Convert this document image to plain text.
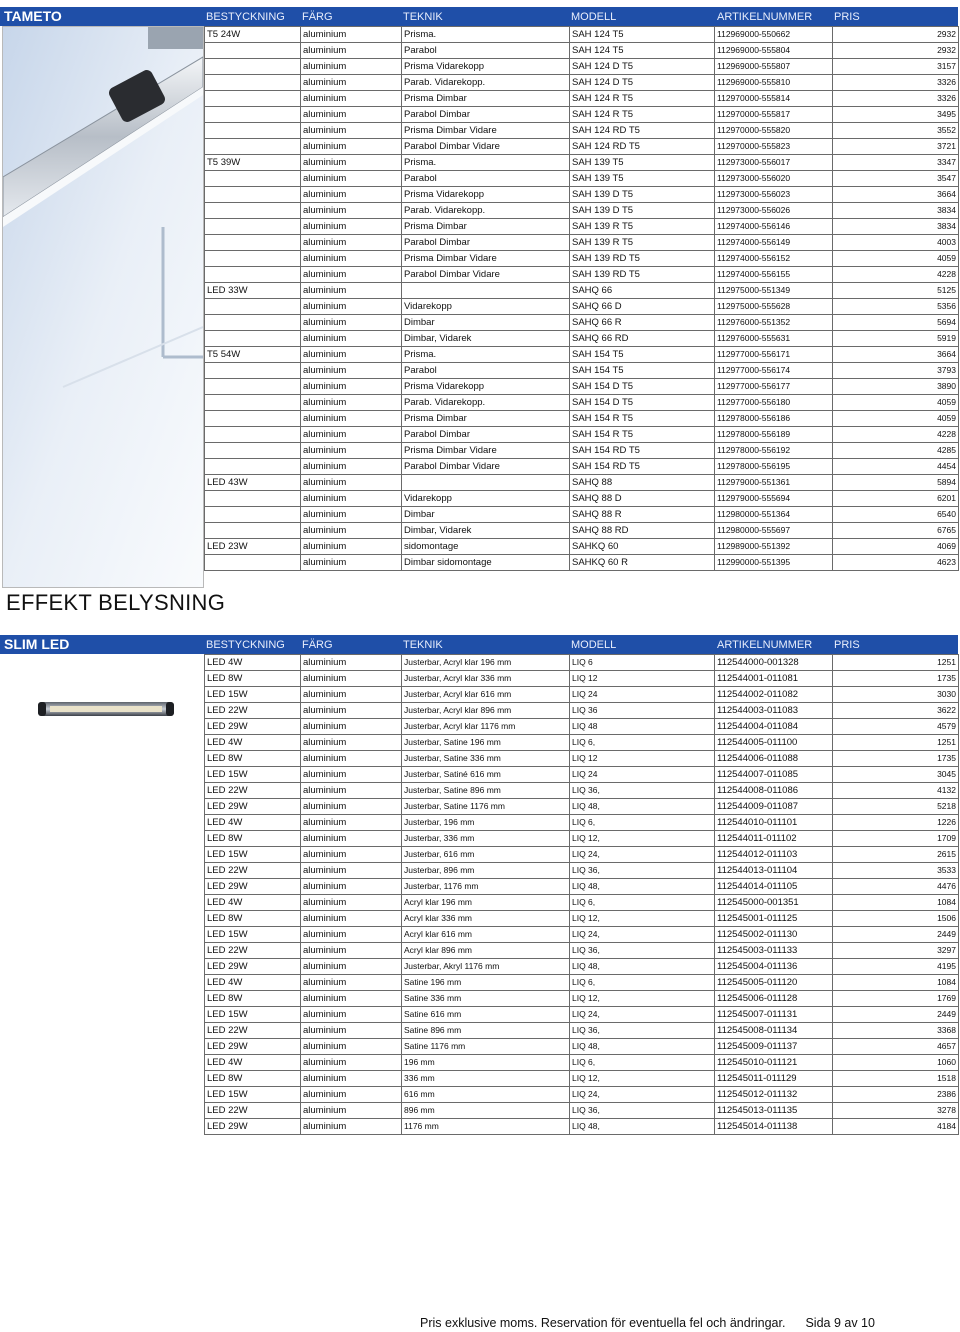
TAMETO	BESTYCKNING FÄRG	TEKNIK	MODELL	ARTIKELNUMMER PRIS
T5 24W	aluminium	Prisma.	SAH 124 T5	112969000-550662	2932
	aluminium	Parabol	SAH 124 T5	112969000-555804	2932
	aluminium	Prisma Vidarekopp	SAH 124 D T5	112969000-555807	3157
	aluminium	Parab. Vidarekopp.	SAH 124 D T5	112969000-555810	3326
	aluminium	Prisma Dimbar	SAH 124 R T5	112970000-555814	3326
	aluminium	Parabol Dimbar	SAH 124 R T5	112970000-555817	3495
	aluminium	Prisma Dimbar Vidare	SAH 124 RD T5	112970000-555820	3552
	aluminium	Parabol Dimbar Vidare	SAH 124 RD T5	112970000-555823	3721
T5 39W	aluminium	Prisma.	SAH 139 T5	112973000-556017	3347
	aluminium	Parabol	SAH 139 T5	112973000-556020	3547
	aluminium	Prisma Vidarekopp	SAH 139 D T5	112973000-556023	3664
	aluminium	Parab. Vidarekopp.	SAH 139 D T5	112973000-556026	3834
	aluminium	Prisma Dimbar	SAH 139 R T5	112974000-556146	3834
	aluminium	Parabol Dimbar	SAH 139 R T5	112974000-556149	4003
	aluminium	Prisma Dimbar Vidare	SAH 139 RD T5	112974000-556152	4059
	aluminium	Parabol Dimbar Vidare	SAH 139 RD T5	112974000-556155	4228
LED 33W	aluminium		SAHQ 66	112975000-551349	5125
	aluminium	Vidarekopp	SAHQ 66 D	112975000-555628	5356
	aluminium	Dimbar	SAHQ 66 R	112976000-551352	5694
	aluminium	Dimbar, Vidarek	SAHQ 66 RD	112976000-555631	5919
T5 54W	aluminium	Prisma.	SAH 154 T5	112977000-556171	3664
	aluminium	Parabol	SAH 154 T5	112977000-556174	3793
	aluminium	Prisma Vidarekopp	SAH 154 D T5	112977000-556177	3890
	aluminium	Parab. Vidarekopp.	SAH 154 D T5	112977000-556180	4059
	aluminium	Prisma Dimbar	SAH 154 R T5	112978000-556186	4059
	aluminium	Parabol Dimbar	SAH 154 R T5	112978000-556189	4228
	aluminium	Prisma Dimbar Vidare	SAH 154 RD T5	112978000-556192	4285
	aluminium	Parabol Dimbar Vidare	SAH 154 RD T5	112978000-556195	4454
LED 43W	aluminium		SAHQ 88	112979000-551361	5894
	aluminium	Vidarekopp	SAHQ 88 D	112979000-555694	6201
	aluminium	Dimbar	SAHQ 88 R	112980000-551364	6540
	aluminium	Dimbar, Vidarek	SAHQ 88 RD	112980000-555697	6765
LED 23W	aluminium	sidomontage	SAHKQ 60	112989000-551392	4069
	aluminium	Dimbar sidomontage	SAHKQ 60 R	112990000-551395	4623
EFFEKT BELYSNING
SLIM LED	BESTYCKNING FÄRG	TEKNIK	MODELL	ARTIKELNUMMER PRIS
LED 4W	aluminium	Justerbar, Acryl klar 196 mm	LIQ 6	112544000-001328	1251
LED 8W	aluminium	Justerbar, Acryl klar 336 mm	LIQ 12	112544001-011081	1735
LED 15W	aluminium	Justerbar, Acryl klar 616 mm	LIQ 24	112544002-011082	3030
LED 22W	aluminium	Justerbar, Acryl klar 896 mm	LIQ 36	112544003-011083	3622
LED 29W	aluminium	Justerbar, Acryl klar 1176 mm	LIQ 48	112544004-011084	4579
LED 4W	aluminium	Justerbar, Satine 196 mm	LIQ 6,	112544005-011100	1251
LED 8W	aluminium	Justerbar, Satine 336 mm	LIQ 12	112544006-011088	1735
LED 15W	aluminium	Justerbar, Satiné 616 mm	LIQ 24	112544007-011085	3045
LED 22W	aluminium	Justerbar, Satine 896 mm	LIQ 36,	112544008-011086	4132
LED 29W	aluminium	Justerbar, Satine 1176 mm	LIQ 48,	112544009-011087	5218
LED 4W	aluminium	Justerbar, 196 mm	LIQ 6,	112544010-011101	1226
LED 8W	aluminium	Justerbar, 336 mm	LIQ 12,	112544011-011102	1709
LED 15W	aluminium	Justerbar, 616 mm	LIQ 24,	112544012-011103	2615
LED 22W	aluminium	Justerbar, 896 mm	LIQ 36,	112544013-011104	3533
LED 29W	aluminium	Justerbar, 1176 mm	LIQ 48,	112544014-011105	4476
LED 4W	aluminium	Acryl klar 196 mm	LIQ 6,	112545000-001351	1084
LED 8W	aluminium	Acryl klar 336 mm	LIQ 12,	112545001-011125	1506
LED 15W	aluminium	Acryl klar 616 mm	LIQ 24,	112545002-011130	2449
LED 22W	aluminium	Acryl klar 896 mm	LIQ 36,	112545003-011133	3297
LED 29W	aluminium	Justerbar, Akryl 1176 mm	LIQ 48,	112545004-011136	4195
LED 4W	aluminium	Satine 196 mm	LIQ 6,	112545005-011120	1084
LED 8W	aluminium	Satine 336 mm	LIQ 12,	112545006-011128	1769
LED 15W	aluminium	Satine 616 mm	LIQ 24,	112545007-011131	2449
LED 22W	aluminium	Satine 896 mm	LIQ 36,	112545008-011134	3368
LED 29W	aluminium	Satine 1176 mm	LIQ 48,	112545009-011137	4657
LED 4W	aluminium	196 mm	LIQ 6,	112545010-011121	1060
LED 8W	aluminium	336 mm	LIQ 12,	112545011-011129	1518
LED 15W	aluminium	616 mm	LIQ 24,	112545012-011132	2386
LED 22W	aluminium	896 mm	LIQ 36,	112545013-011135	3278
LED 29W	aluminium	1176 mm	LIQ 48,	112545014-011138	4184
Pris exklusive moms. Reservation för eventuella fel och ändringar. Sida 9 av 10
